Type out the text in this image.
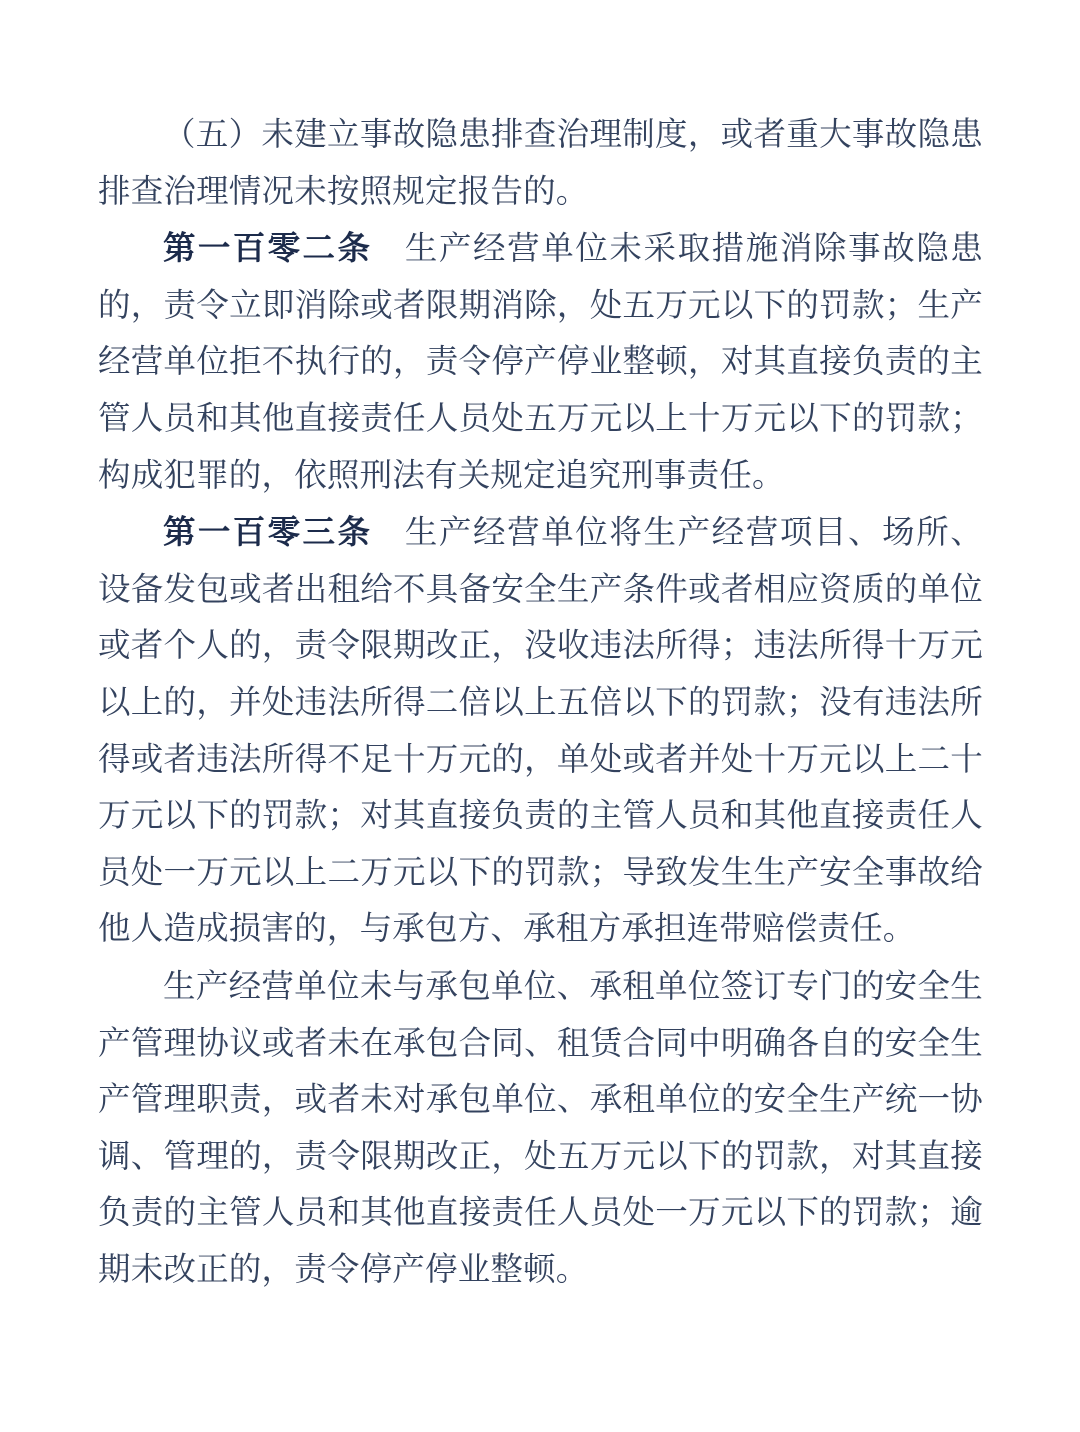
（五）未建立事故隐患排查治理制度，或者重大事故隐患排查治理情况未按照规定报告的。

第一百零二条 生产经营单位未采取措施消除事故隐患的，责令立即消除或者限期消除，处五万元以下的罚款；生产经营单位拒不执行的，责令停产停业整顿，对其直接负责的主管人员和其他直接责任人员处五万元以上十万元以下的罚款；构成犯罪的，依照刑法有关规定追究刑事责任。

第一百零三条 生产经营单位将生产经营项目、场所、设备发包或者出租给不具备安全生产条件或者相应资质的单位或者个人的，责令限期改正，没收违法所得；违法所得十万元以上的，并处违法所得二倍以上五倍以下的罚款；没有违法所得或者违法所得不足十万元的，单处或者并处十万元以上二十万元以下的罚款；对其直接负责的主管人员和其他直接责任人员处一万元以上二万元以下的罚款；导致发生生产安全事故给他人造成损害的，与承包方、承租方承担连带赔偿责任。

生产经营单位未与承包单位、承租单位签订专门的安全生产管理协议或者未在承包合同、租赁合同中明确各自的安全生产管理职责，或者未对承包单位、承租单位的安全生产统一协调、管理的，责令限期改正，处五万元以下的罚款，对其直接负责的主管人员和其他直接责任人员处一万元以下的罚款；逾期未改正的，责令停产停业整顿。
